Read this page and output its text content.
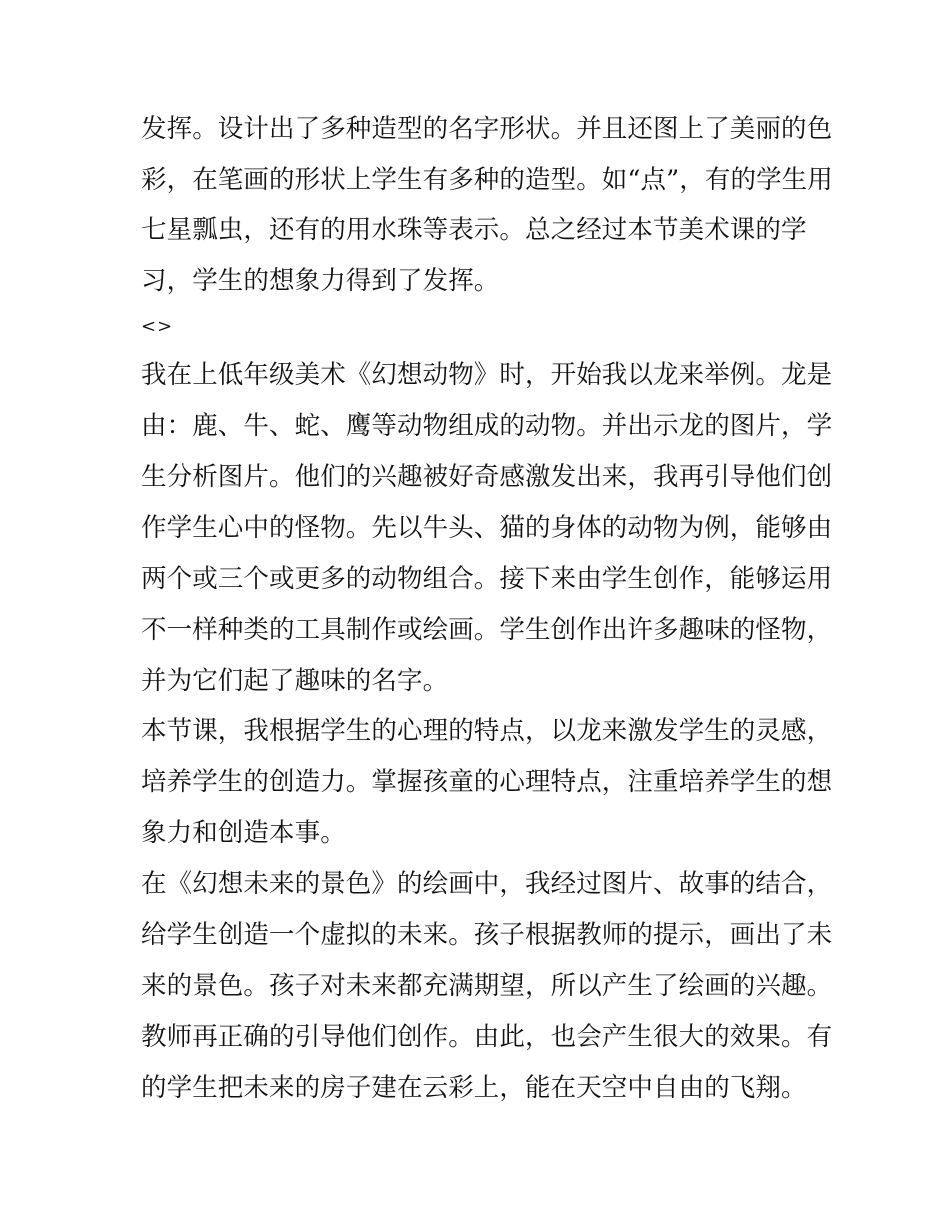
发挥。设计出了多种造型的名字形状。并且还图上了美丽的色
彩，在笔画的形状上学生有多种的造型。如“点”，有的学生用
七星瓢虫，还有的用水珠等表示。总之经过本节美术课的学
习，学生的想象力得到了发挥。
<>
我在上低年级美术《幻想动物》时，开始我以龙来举例。龙是
由：鹿、牛、蛇、鹰等动物组成的动物。并出示龙的图片，学
生分析图片。他们的兴趣被好奇感激发出来，我再引导他们创
作学生心中的怪物。先以牛头、猫的身体的动物为例，能够由
两个或三个或更多的动物组合。接下来由学生创作，能够运用
不一样种类的工具制作或绘画。学生创作出许多趣味的怪物，
并为它们起了趣味的名字。
本节课，我根据学生的心理的特点，以龙来激发学生的灵感，
培养学生的创造力。掌握孩童的心理特点，注重培养学生的想
象力和创造本事。
在《幻想未来的景色》的绘画中，我经过图片、故事的结合，
给学生创造一个虚拟的未来。孩子根据教师的提示，画出了未
来的景色。孩子对未来都充满期望，所以产生了绘画的兴趣。
教师再正确的引导他们创作。由此，也会产生很大的效果。有
的学生把未来的房子建在云彩上，能在天空中自由的飞翔。
